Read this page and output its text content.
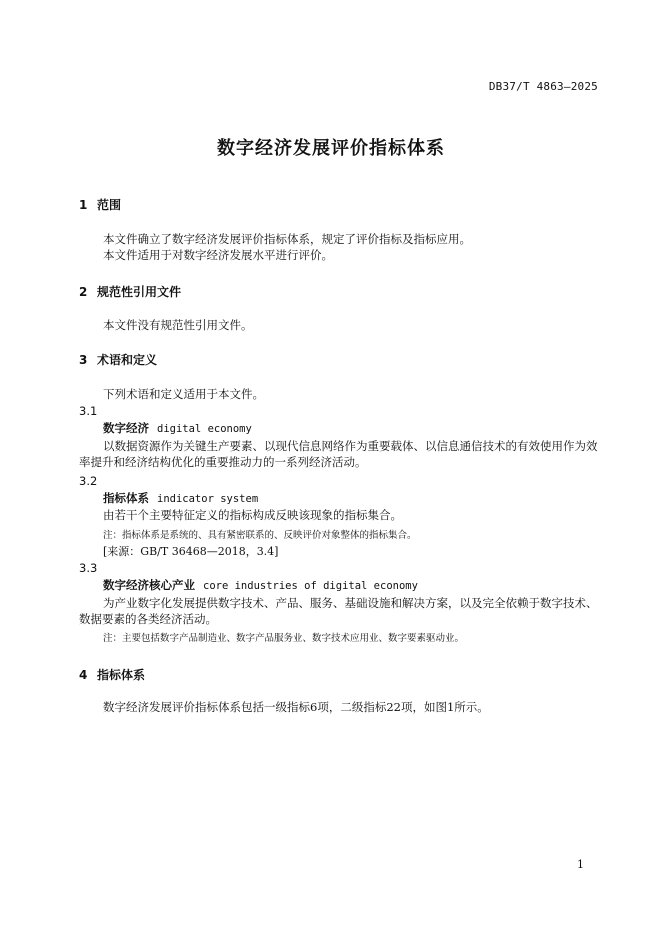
DB37/T 4863—2025
数字经济发展评价指标体系
1 范围
本文件确立了数字经济发展评价指标体系，规定了评价指标及指标应用。
本文件适用于对数字经济发展水平进行评价。
2 规范性引用文件
本文件没有规范性引用文件。
3 术语和定义
下列术语和定义适用于本文件。
3.1
数字经济 digital economy
以数据资源作为关键生产要素、以现代信息网络作为重要载体、以信息通信技术的有效使用作为效率提升和经济结构优化的重要推动力的一系列经济活动。
3.2
指标体系 indicator system
由若干个主要特征定义的指标构成反映该现象的指标集合。
注：指标体系是系统的、具有紧密联系的、反映评价对象整体的指标集合。
[来源：GB/T 36468—2018，3.4]
3.3
数字经济核心产业 core industries of digital economy
为产业数字化发展提供数字技术、产品、服务、基础设施和解决方案，以及完全依赖于数字技术、数据要素的各类经济活动。
注：主要包括数字产品制造业、数字产品服务业、数字技术应用业、数字要素驱动业。
4 指标体系
数字经济发展评价指标体系包括一级指标6项，二级指标22项，如图1所示。
1
